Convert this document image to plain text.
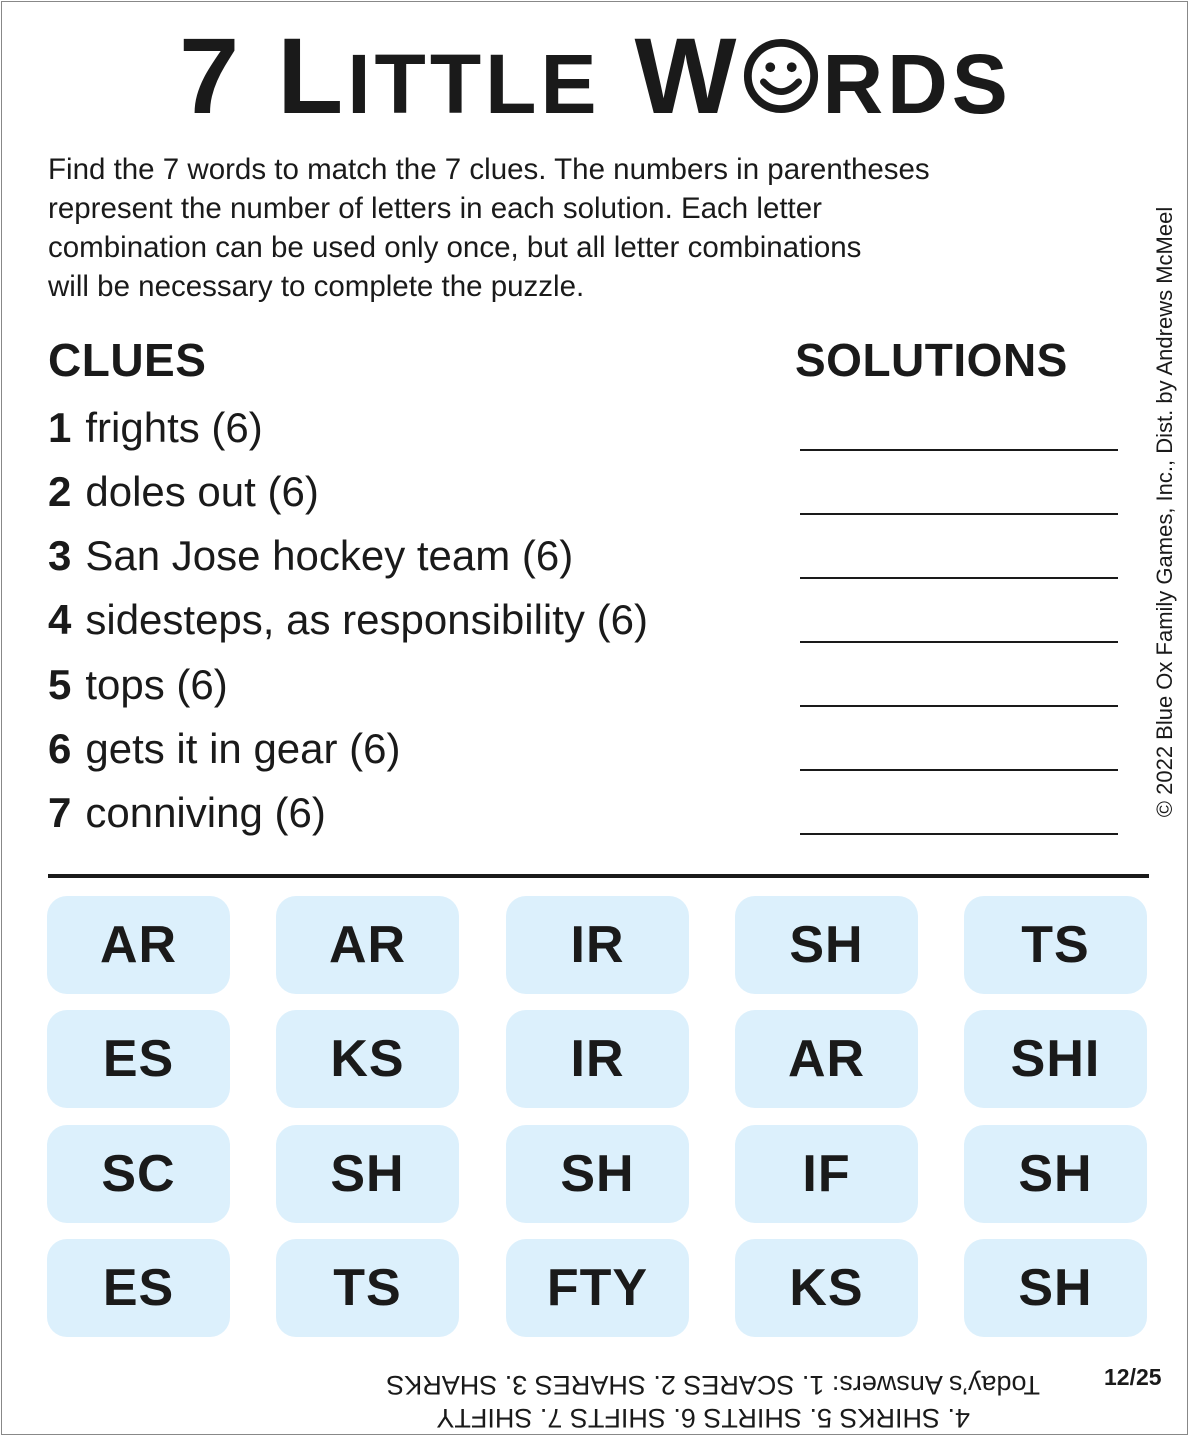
7 LITTLE W RDS
Find the 7 words to match the 7 clues. The numbers in parentheses
represent the number of letters in each solution. Each letter
combination can be used only once, but all letter combinations
will be necessary to complete the puzzle.
CLUES	SOLUTIONS
1 frights (6)
2 doles out (6)
3 San Jose hockey team (6)
4 sidesteps, as responsibility (6)
5 tops (6)
6 gets it in gear (6)
7 conniving (6)
AR	AR	IR	SH	TS
ES	KS	IR	AR	SHI
SC	SH	SH	IF	SH
ES	TS	FTY	KS	SH
© 2022 Blue Ox Family Games, Inc., Dist. by Andrews McMeel
12/25
4. SHIRKS 5. SHIRTS 6. SHIFTS 7. SHIFTY
Today’s Answers: 1. SCARES 2. SHARES 3. SHARKS
